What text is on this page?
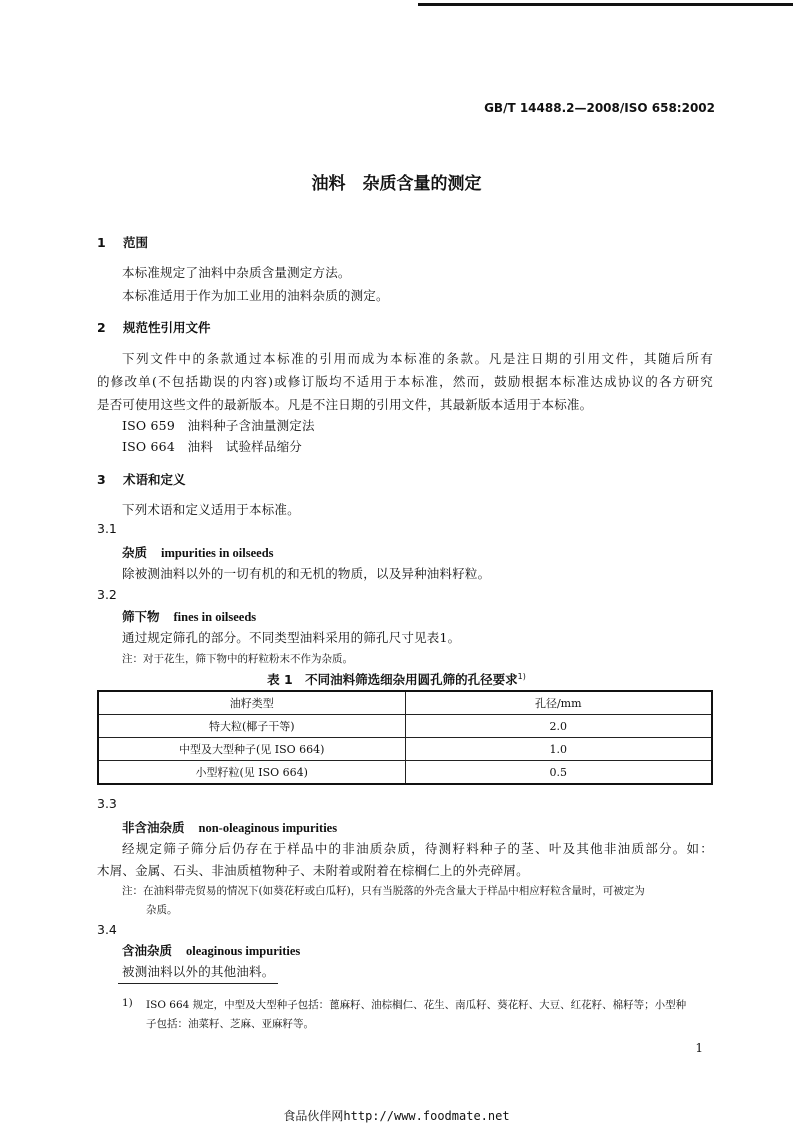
GB/T 14488.2—2008/ISO 658:2002
油料　杂质含量的测定
1 范围
本标准规定了油料中杂质含量测定方法。
本标准适用于作为加工业用的油料杂质的测定。
2 规范性引用文件
下列文件中的条款通过本标准的引用而成为本标准的条款。凡是注日期的引用文件，其随后所有
的修改单(不包括勘误的内容)或修订版均不适用于本标准，然而，鼓励根据本标准达成协议的各方研究
是否可使用这些文件的最新版本。凡是不注日期的引用文件，其最新版本适用于本标准。
ISO 659　油料种子含油量测定法
ISO 664　油料　试验样品缩分
3 术语和定义
下列术语和定义适用于本标准。
3.1
杂质 impurities in oilseeds
除被测油料以外的一切有机的和无机的物质，以及异种油料籽粒。
3.2
筛下物 fines in oilseeds
通过规定筛孔的部分。不同类型油料采用的筛孔尺寸见表1。
注：对于花生，筛下物中的籽粒粉末不作为杂质。
表 1　不同油料筛选细杂用圆孔筛的孔径要求$^{1)}$
油籽类型	孔径/mm
特大粒(椰子干等)	2.0
中型及大型种子(见 ISO 664)	1.0
小型籽粒(见 ISO 664)	0.5
3.3
非含油杂质 non-oleaginous impurities
经规定筛子筛分后仍存在于样品中的非油质杂质，待测籽料种子的茎、叶及其他非油质部分。如：
木屑、金属、石头、非油质植物种子、未附着或附着在棕榈仁上的外壳碎屑。
注：在油料带壳贸易的情况下(如葵花籽或白瓜籽)，只有当脱落的外壳含量大于样品中相应籽粒含量时，可被定为
杂质。
3.4
含油杂质 oleaginous impurities
被测油料以外的其他油料。
1) ISO 664 规定，中型及大型种子包括：蓖麻籽、油棕榈仁、花生、南瓜籽、葵花籽、大豆、红花籽、棉籽等；小型种
子包括：油菜籽、芝麻、亚麻籽等。
1
食品伙伴网http://www.foodmate.net
